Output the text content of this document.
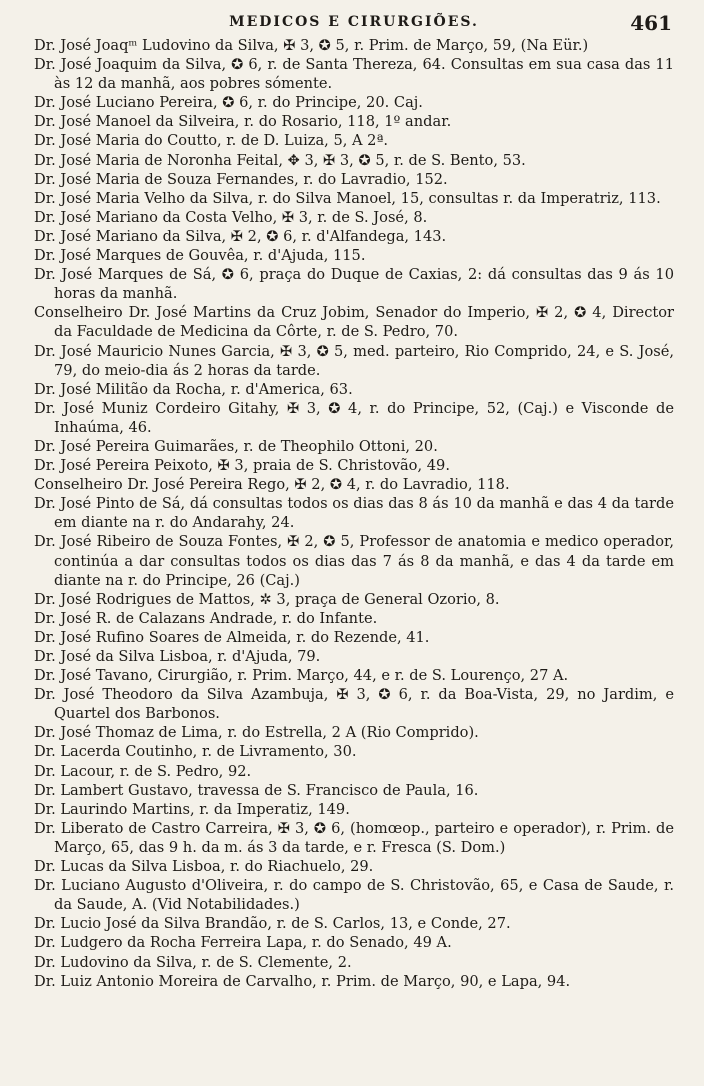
MEDICOS E CIRURGIÕES.	461
Dr. José Joaqᵐ Ludovino da Silva, ✠ 3, ✪ 5, r. Prim. de Março, 59, (Na Eür.)
Dr. José Joaquim da Silva, ✪ 6, r. de Santa Thereza, 64. Consultas em sua casa das 11 às 12 da manhã, aos pobres sómente.
Dr. José Luciano Pereira, ✪ 6, r. do Principe, 20. Caj.
Dr. José Manoel da Silveira, r. do Rosario, 118, 1º andar.
Dr. José Maria do Coutto, r. de D. Luiza, 5, A 2ª.
Dr. José Maria de Noronha Feital, ✥ 3, ✠ 3, ✪ 5, r. de S. Bento, 53.
Dr. José Maria de Souza Fernandes, r. do Lavradio, 152.
Dr. José Maria Velho da Silva, r. do Silva Manoel, 15, consultas r. da Imperatriz, 113.
Dr. José Mariano da Costa Velho, ✠ 3, r. de S. José, 8.
Dr. José Mariano da Silva, ✠ 2, ✪ 6, r. d'Alfandega, 143.
Dr. José Marques de Gouvêa, r. d'Ajuda, 115.
Dr. José Marques de Sá, ✪ 6, praça do Duque de Caxias, 2: dá consultas das 9 ás 10 horas da manhã.
Conselheiro Dr. José Martins da Cruz Jobim, Senador do Imperio, ✠ 2, ✪ 4, Director da Faculdade de Medicina da Côrte, r. de S. Pedro, 70.
Dr. José Mauricio Nunes Garcia, ✠ 3, ✪ 5, med. parteiro, Rio Comprido, 24, e S. José, 79, do meio-dia ás 2 horas da tarde.
Dr. José Militão da Rocha, r. d'America, 63.
Dr. José Muniz Cordeiro Gitahy, ✠ 3, ✪ 4, r. do Principe, 52, (Caj.) e Visconde de Inhaúma, 46.
Dr. José Pereira Guimarães, r. de Theophilo Ottoni, 20.
Dr. José Pereira Peixoto, ✠ 3, praia de S. Christovão, 49.
Conselheiro Dr. José Pereira Rego, ✠ 2, ✪ 4, r. do Lavradio, 118.
Dr. José Pinto de Sá, dá consultas todos os dias das 8 ás 10 da manhã e das 4 da tarde em diante na r. do Andarahy, 24.
Dr. José Ribeiro de Souza Fontes, ✠ 2, ✪ 5, Professor de anatomia e medico operador, continúa a dar consultas todos os dias das 7 ás 8 da manhã, e das 4 da tarde em diante na r. do Principe, 26 (Caj.)
Dr. José Rodrigues de Mattos, ✲ 3, praça de General Ozorio, 8.
Dr. José R. de Calazans Andrade, r. do Infante.
Dr. José Rufino Soares de Almeida, r. do Rezende, 41.
Dr. José da Silva Lisboa, r. d'Ajuda, 79.
Dr. José Tavano, Cirurgião, r. Prim. Março, 44, e r. de S. Lourenço, 27 A.
Dr. José Theodoro da Silva Azambuja, ✠ 3, ✪ 6, r. da Boa-Vista, 29, no Jardim, e Quartel dos Barbonos.
Dr. José Thomaz de Lima, r. do Estrella, 2 A (Rio Comprido).
Dr. Lacerda Coutinho, r. de Livramento, 30.
Dr. Lacour, r. de S. Pedro, 92.
Dr. Lambert Gustavo, travessa de S. Francisco de Paula, 16.
Dr. Laurindo Martins, r. da Imperatiz, 149.
Dr. Liberato de Castro Carreira, ✠ 3, ✪ 6, (homœop., parteiro e operador), r. Prim. de Março, 65, das 9 h. da m. ás 3 da tarde, e r. Fresca (S. Dom.)
Dr. Lucas da Silva Lisboa, r. do Riachuelo, 29.
Dr. Luciano Augusto d'Oliveira, r. do campo de S. Christovão, 65, e Casa de Saude, r. da Saude, A. (Vid Notabilidades.)
Dr. Lucio José da Silva Brandão, r. de S. Carlos, 13, e Conde, 27.
Dr. Ludgero da Rocha Ferreira Lapa, r. do Senado, 49 A.
Dr. Ludovino da Silva, r. de S. Clemente, 2.
Dr. Luiz Antonio Moreira de Carvalho, r. Prim. de Março, 90, e Lapa, 94.
